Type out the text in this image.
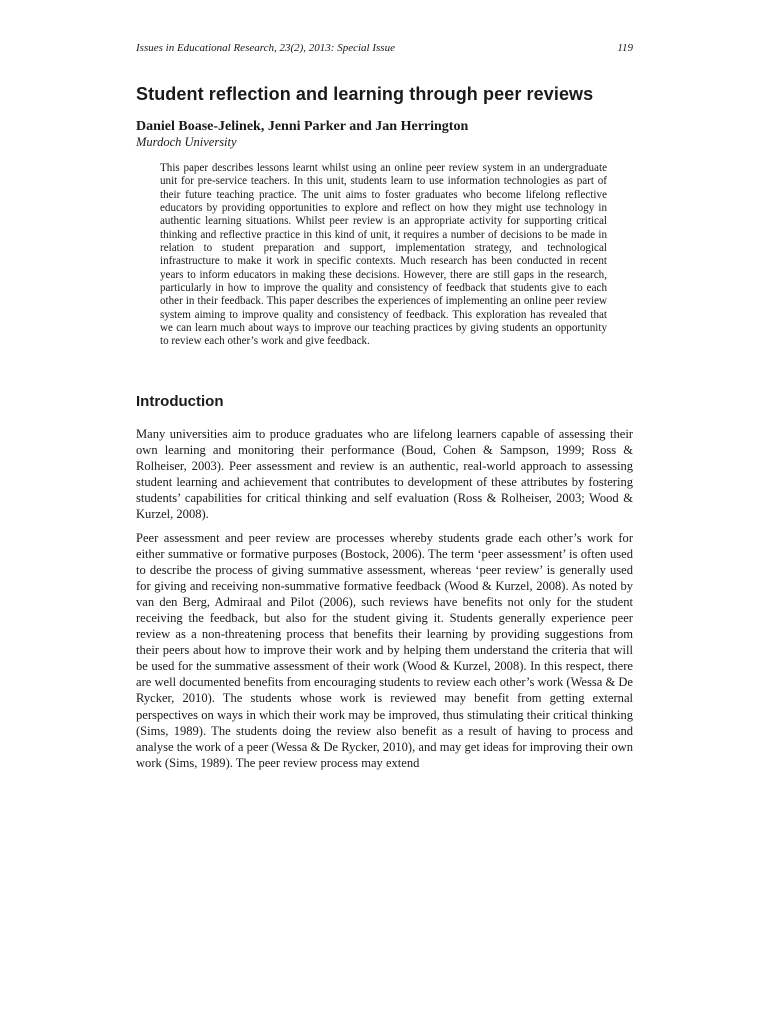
Issues in Educational Research, 23(2), 2013: Special Issue	119
Student reflection and learning through peer reviews
Daniel Boase-Jelinek, Jenni Parker and Jan Herrington
Murdoch University

This paper describes lessons learnt whilst using an online peer review system in an undergraduate unit for pre-service teachers. In this unit, students learn to use information technologies as part of their future teaching practice. The unit aims to foster graduates who become lifelong reflective educators by providing opportunities to explore and reflect on how they might use technology in authentic learning situations. Whilst peer review is an appropriate activity for supporting critical thinking and reflective practice in this kind of unit, it requires a number of decisions to be made in relation to student preparation and support, implementation strategy, and technological infrastructure to make it work in specific contexts. Much research has been conducted in recent years to inform educators in making these decisions. However, there are still gaps in the research, particularly in how to improve the quality and consistency of feedback that students give to each other in their feedback. This paper describes the experiences of implementing an online peer review system aiming to improve quality and consistency of feedback. This exploration has revealed that we can learn much about ways to improve our teaching practices by giving students an opportunity to review each other’s work and give feedback.

Introduction

Many universities aim to produce graduates who are lifelong learners capable of assessing their own learning and monitoring their performance (Boud, Cohen & Sampson, 1999; Ross & Rolheiser, 2003). Peer assessment and review is an authentic, real-world approach to assessing student learning and achievement that contributes to development of these attributes by fostering students’ capabilities for critical thinking and self evaluation (Ross & Rolheiser, 2003; Wood & Kurzel, 2008).

Peer assessment and peer review are processes whereby students grade each other’s work for either summative or formative purposes (Bostock, 2006). The term ‘peer assessment’ is often used to describe the process of giving summative assessment, whereas ‘peer review’ is generally used for giving and receiving non-summative formative feedback (Wood & Kurzel, 2008). As noted by van den Berg, Admiraal and Pilot (2006), such reviews have benefits not only for the student receiving the feedback, but also for the student giving it. Students generally experience peer review as a non-threatening process that benefits their learning by providing suggestions from their peers about how to improve their work and by helping them understand the criteria that will be used for the summative assessment of their work (Wood & Kurzel, 2008). In this respect, there are well documented benefits from encouraging students to review each other’s work (Wessa & De Rycker, 2010). The students whose work is reviewed may benefit from getting external perspectives on ways in which their work may be improved, thus stimulating their critical thinking (Sims, 1989). The students doing the review also benefit as a result of having to process and analyse the work of a peer (Wessa & De Rycker, 2010), and may get ideas for improving their own work (Sims, 1989). The peer review process may extend
